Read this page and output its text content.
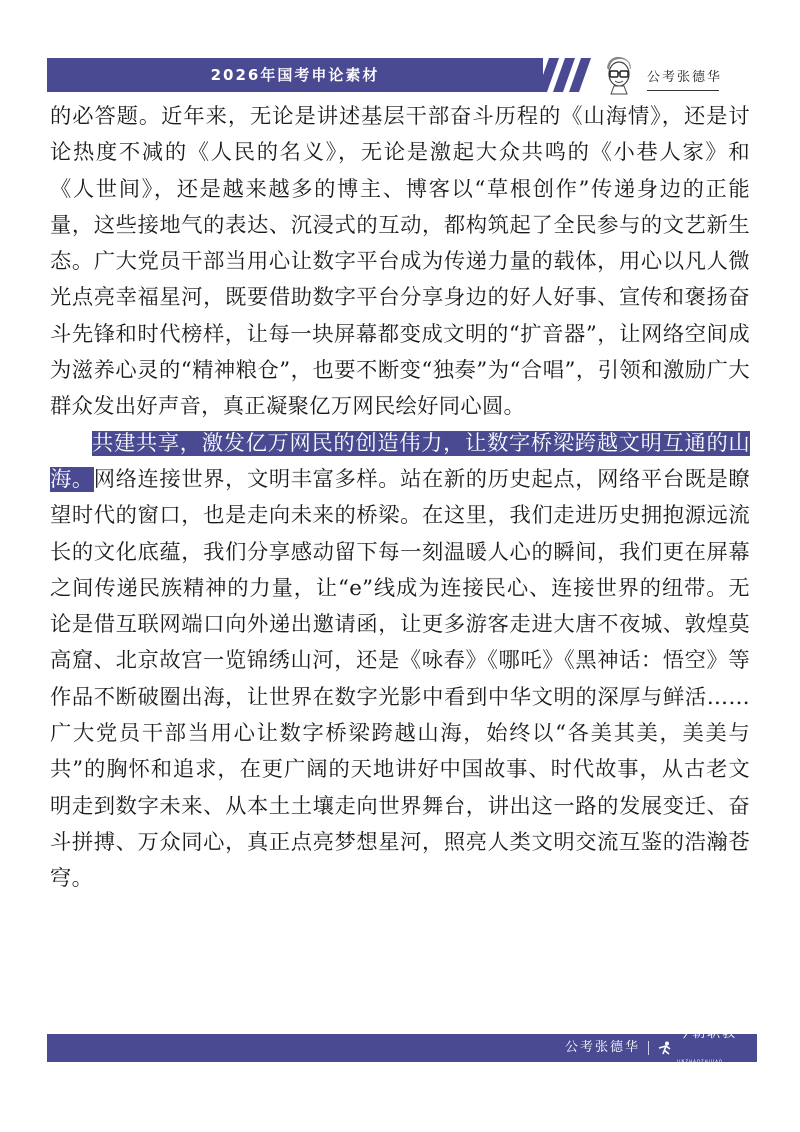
2026年国考申论素材	公考张德华

的必答题。近年来，无论是讲述基层干部奋斗历程的《山海情》，还是讨论热度不减的《人民的名义》，无论是激起大众共鸣的《小巷人家》和《人世间》，还是越来越多的博主、博客以“草根创作”传递身边的正能量，这些接地气的表达、沉浸式的互动，都构筑起了全民参与的文艺新生态。广大党员干部当用心让数字平台成为传递力量的载体，用心以凡人微光点亮幸福星河，既要借助数字平台分享身边的好人好事、宣传和褒扬奋斗先锋和时代榜样，让每一块屏幕都变成文明的“扩音器”，让网络空间成为滋养心灵的“精神粮仓”，也要不断变“独奏”为“合唱”，引领和激励广大群众发出好声音，真正凝聚亿万网民绘好同心圆。

共建共享，激发亿万网民的创造伟力，让数字桥梁跨越文明互通的山海。网络连接世界，文明丰富多样。站在新的历史起点，网络平台既是瞭望时代的窗口，也是走向未来的桥梁。在这里，我们走进历史拥抱源远流长的文化底蕴，我们分享感动留下每一刻温暖人心的瞬间，我们更在屏幕之间传递民族精神的力量，让“e”线成为连接民心、连接世界的纽带。无论是借互联网端口向外递出邀请函，让更多游客走进大唐不夜城、敦煌莫高窟、北京故宫一览锦绣山河，还是《咏春》《哪吒》《黑神话：悟空》等作品不断破圈出海，让世界在数字光影中看到中华文明的深厚与鲜活……广大党员干部当用心让数字桥梁跨越山海，始终以“各美其美，美美与共”的胸怀和追求，在更广阔的天地讲好中国故事、时代故事，从古老文明走到数字未来、从本土土壤走向世界舞台，讲出这一路的发展变迁、奋斗拼搏、万众同心，真正点亮梦想星河，照亮人类文明交流互鉴的浩瀚苍穹。

公考张德华
今朝职教
JINZHAOZHIJIAO
